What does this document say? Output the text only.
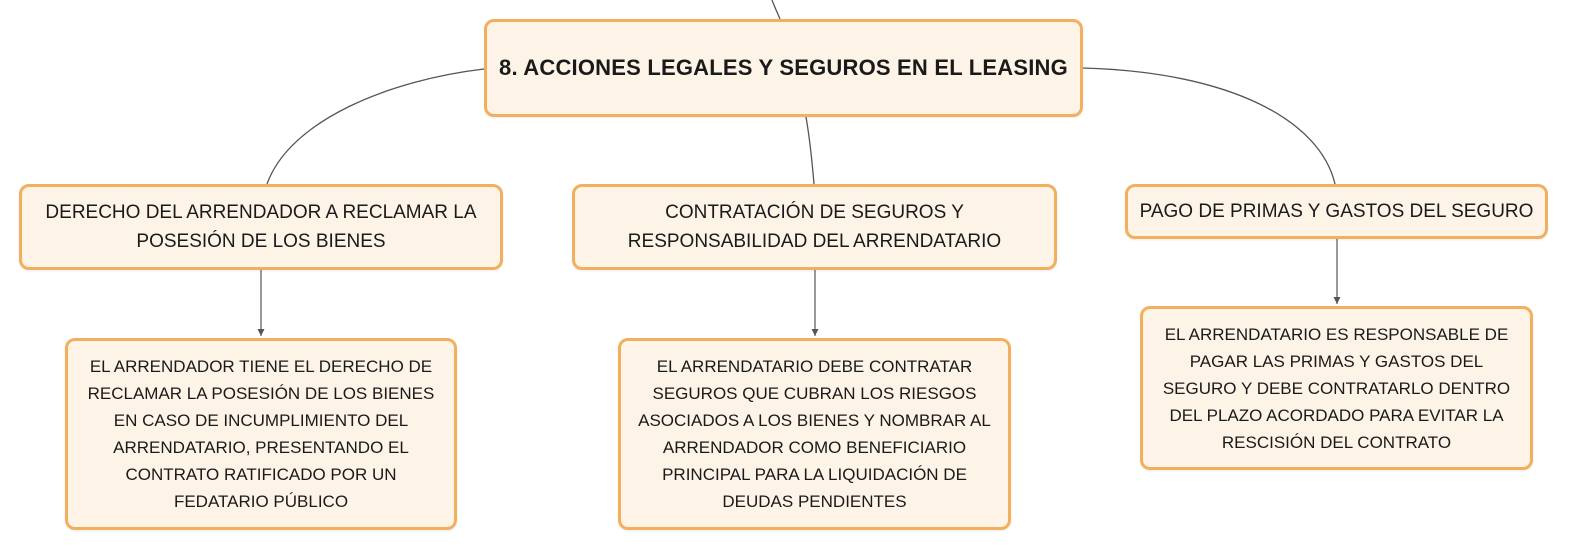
8. ACCIONES LEGALES Y SEGUROS EN EL LEASING
DERECHO DEL ARRENDADOR A RECLAMAR LA POSESIÓN DE LOS BIENES
CONTRATACIÓN DE SEGUROS Y RESPONSABILIDAD DEL ARRENDATARIO
PAGO DE PRIMAS Y GASTOS DEL SEGURO
EL ARRENDADOR TIENE EL DERECHO DE RECLAMAR LA POSESIÓN DE LOS BIENES EN CASO DE INCUMPLIMIENTO DEL ARRENDATARIO, PRESENTANDO EL CONTRATO RATIFICADO POR UN FEDATARIO PÚBLICO
EL ARRENDATARIO DEBE CONTRATAR SEGUROS QUE CUBRAN LOS RIESGOS ASOCIADOS A LOS BIENES Y NOMBRAR AL ARRENDADOR COMO BENEFICIARIO PRINCIPAL PARA LA LIQUIDACIÓN DE DEUDAS PENDIENTES
EL ARRENDATARIO ES RESPONSABLE DE PAGAR LAS PRIMAS Y GASTOS DEL SEGURO Y DEBE CONTRATARLO DENTRO DEL PLAZO ACORDADO PARA EVITAR LA RESCISIÓN DEL CONTRATO
